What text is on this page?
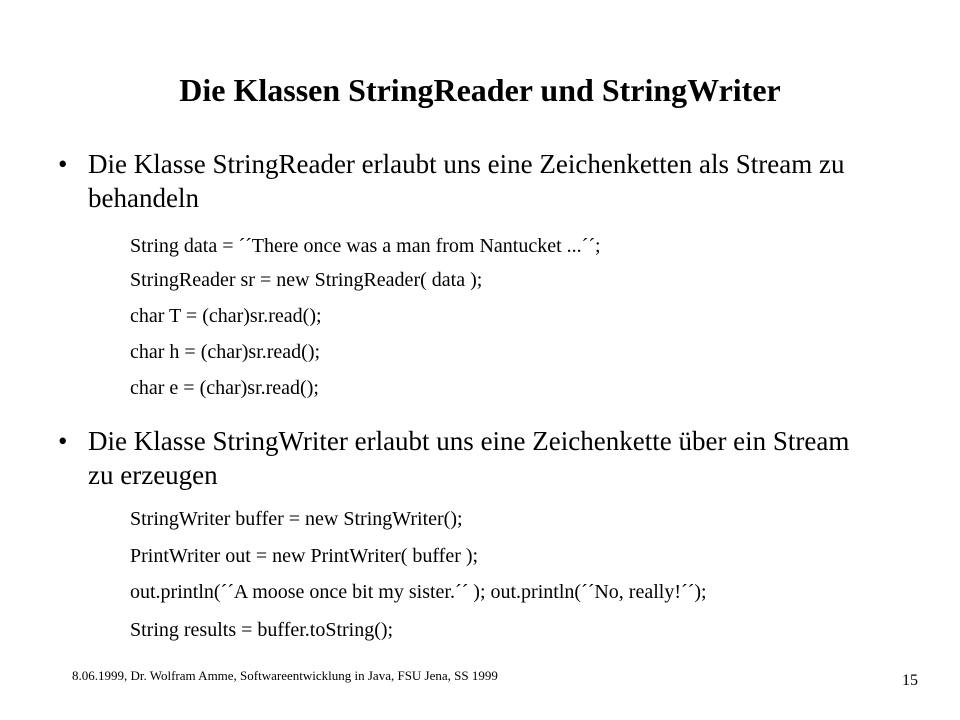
Die Klassen StringReader und StringWriter
• Die Klasse StringReader erlaubt uns eine Zeichenketten als Stream zu behandeln
String data = ´´There once was a man from Nantucket ...´´;
StringReader sr = new StringReader( data );
char T = (char)sr.read();
char h = (char)sr.read();
char e = (char)sr.read();
• Die Klasse StringWriter erlaubt uns eine Zeichenkette über ein Stream zu erzeugen
StringWriter buffer = new StringWriter();
PrintWriter out = new PrintWriter( buffer );
out.println(´´A moose once bit my sister.´´ ); out.println(´´No, really!´´);
String results = buffer.toString();
8.06.1999, Dr. Wolfram Amme, Softwareentwicklung in Java, FSU Jena, SS 1999	15
